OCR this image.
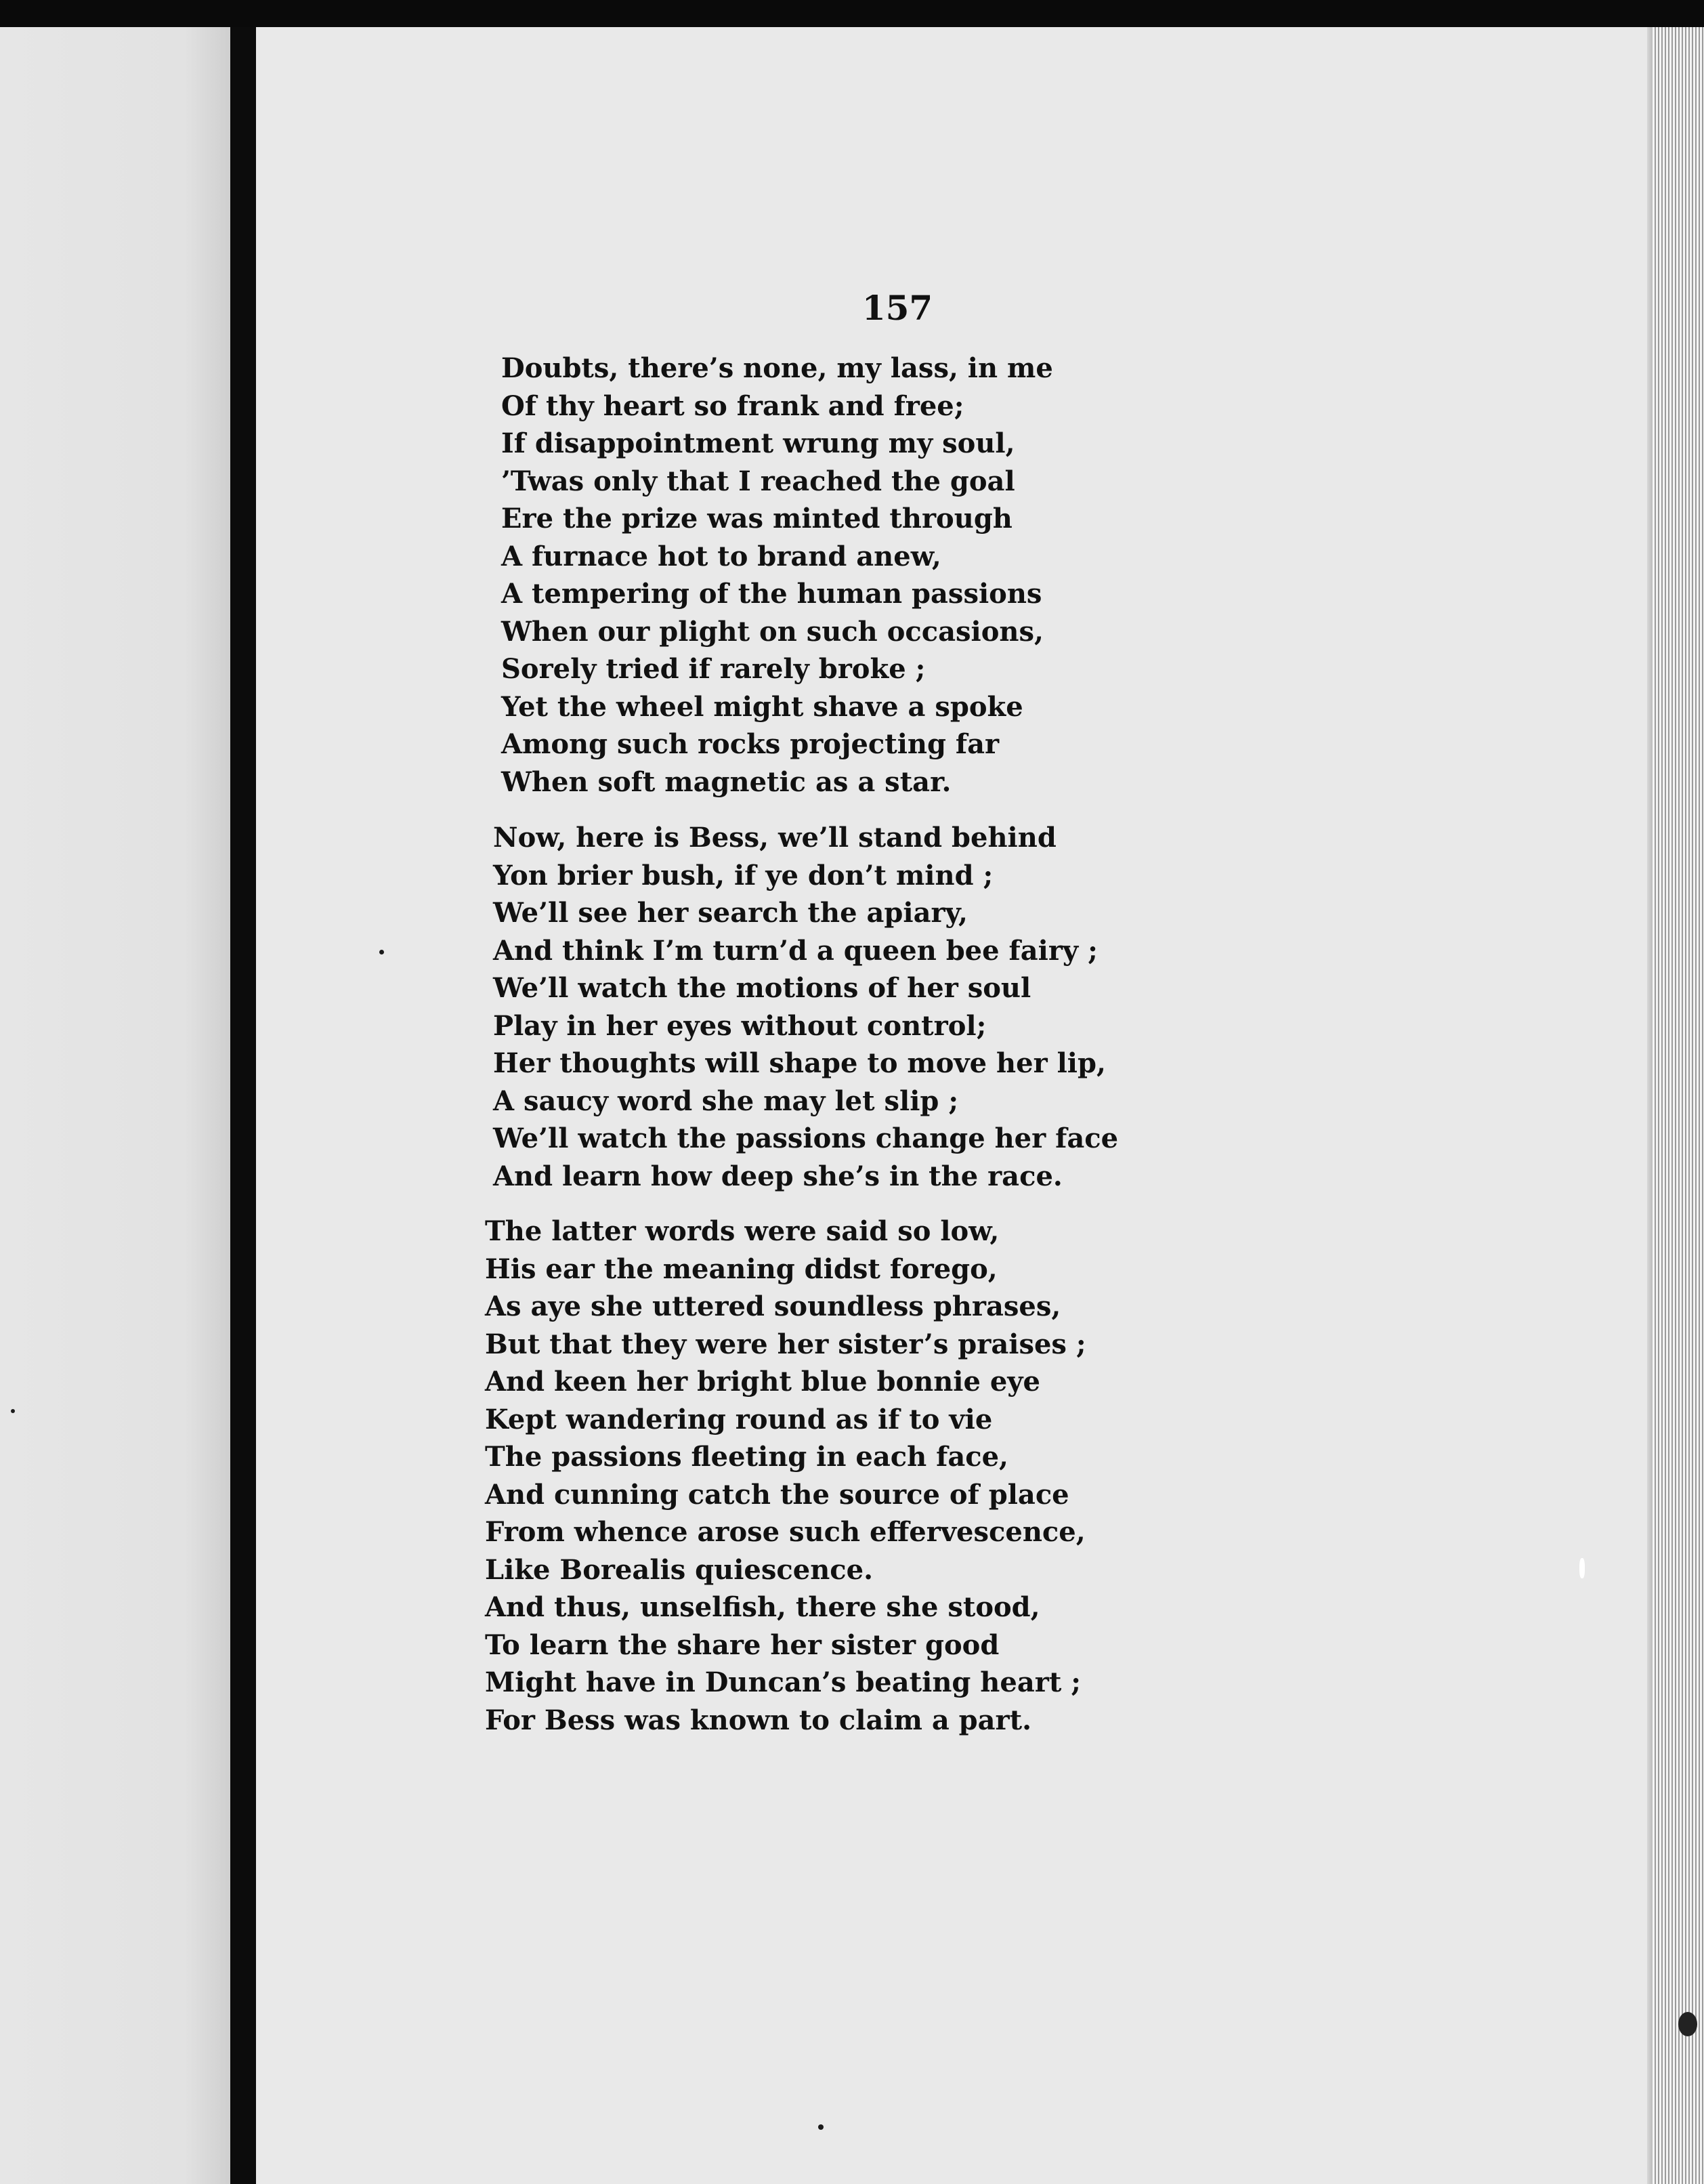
157
Doubts, there’s none, my lass, in me
Of thy heart so frank and free;
If disappointment wrung my soul,
’Twas only that I reached the goal
Ere the prize was minted through
A furnace hot to brand anew,
A tempering of the human passions
When our plight on such occasions,
Sorely tried if rarely broke ;
Yet the wheel might shave a spoke
Among such rocks projecting far
When soft magnetic as a star.
Now, here is Bess, we’ll stand behind
Yon brier bush, if ye don’t mind ;
We’ll see her search the apiary,
And think I’m turn’d a queen bee fairy ;
We’ll watch the motions of her soul
Play in her eyes without control;
Her thoughts will shape to move her lip,
A saucy word she may let slip ;
We’ll watch the passions change her face
And learn how deep she’s in the race.
The latter words were said so low,
His ear the meaning didst forego,
As aye she uttered soundless phrases,
But that they were her sister’s praises ;
And keen her bright blue bonnie eye
Kept wandering round as if to vie
The passions fleeting in each face,
And cunning catch the source of place
From whence arose such effervescence,
Like Borealis quiescence.
And thus, unselfish, there she stood,
To learn the share her sister good
Might have in Duncan’s beating heart ;
For Bess was known to claim a part.
